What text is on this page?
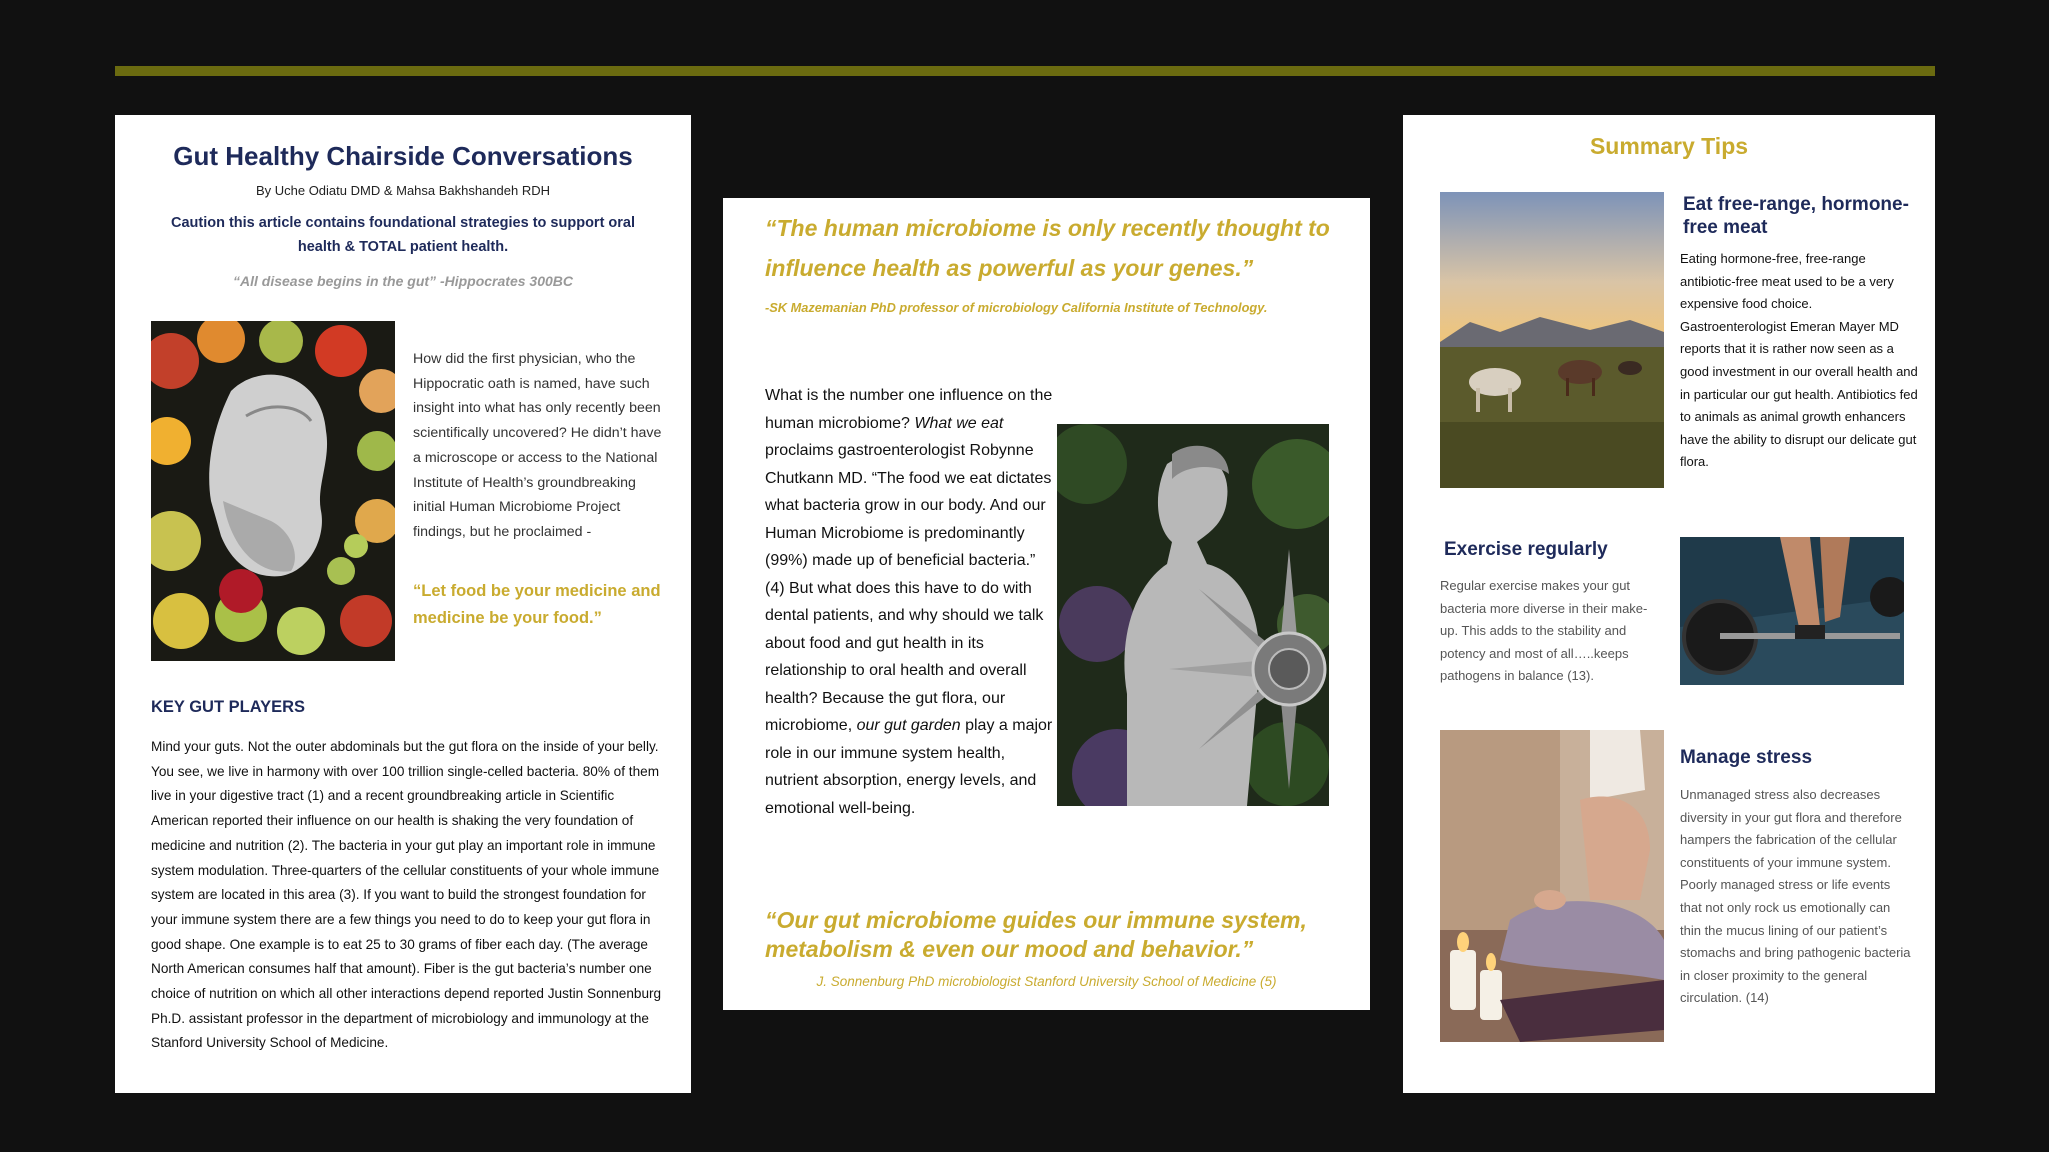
Gut Healthy Chairside Conversations
By Uche Odiatu DMD & Mahsa Bakhshandeh RDH
Caution this article contains foundational strategies to support oral health & TOTAL patient health.
“All disease begins in the gut” -Hippocrates 300BC
How did the first physician, who the Hippocratic oath is named, have such insight into what has only recently been scientifically uncovered? He didn’t have a microscope or access to the National Institute of Health’s groundbreaking initial Human Microbiome Project findings, but he proclaimed -
“Let food be your medicine and medicine be your food.”
KEY GUT PLAYERS
Mind your guts. Not the outer abdominals but the gut flora on the inside of your belly. You see, we live in harmony with over 100 trillion single-celled bacteria. 80% of them live in your digestive tract (1) and a recent groundbreaking article in Scientific American reported their influence on our health is shaking the very foundation of medicine and nutrition (2). The bacteria in your gut play an important role in immune system modulation. Three-quarters of the cellular constituents of your whole immune system are located in this area (3). If you want to build the strongest foundation for your immune system there are a few things you need to do to keep your gut flora in good shape. One example is to eat 25 to 30 grams of fiber each day. (The average North American consumes half that amount). Fiber is the gut bacteria’s number one choice of nutrition on which all other interactions depend reported Justin Sonnenburg Ph.D. assistant professor in the department of microbiology and immunology at the Stanford University School of Medicine.
“The human microbiome is only recently thought to influence health as powerful as your genes.”
-SK Mazemanian PhD professor of microbiology California Institute of Technology.
What is the number one influence on the human microbiome? What we eat proclaims gastroenterologist Robynne Chutkann MD. “The food we eat dictates what bacteria grow in our body. And our Human Microbiome is predominantly (99%) made up of beneficial bacteria.” (4) But what does this have to do with dental patients, and why should we talk about food and gut health in its relationship to oral health and overall health? Because the gut flora, our microbiome, our gut garden play a major role in our immune system health, nutrient absorption, energy levels, and emotional well-being.
“Our gut microbiome guides our immune system, metabolism & even our mood and behavior.”
J. Sonnenburg PhD microbiologist Stanford University School of Medicine (5)
Summary Tips
Eat free-range, hormone-free meat
Eating hormone-free, free-range antibiotic-free meat used to be a very expensive food choice. Gastroenterologist Emeran Mayer MD reports that it is rather now seen as a good investment in our overall health and in particular our gut health. Antibiotics fed to animals as animal growth enhancers have the ability to disrupt our delicate gut flora.
Exercise regularly
Regular exercise makes your gut bacteria more diverse in their make-up. This adds to the stability and potency and most of all…..keeps pathogens in balance (13).
Manage stress
Unmanaged stress also decreases diversity in your gut flora and therefore hampers the fabrication of the cellular constituents of your immune system. Poorly managed stress or life events that not only rock us emotionally can thin the mucus lining of our patient’s stomachs and bring pathogenic bacteria in closer proximity to the general circulation. (14)
